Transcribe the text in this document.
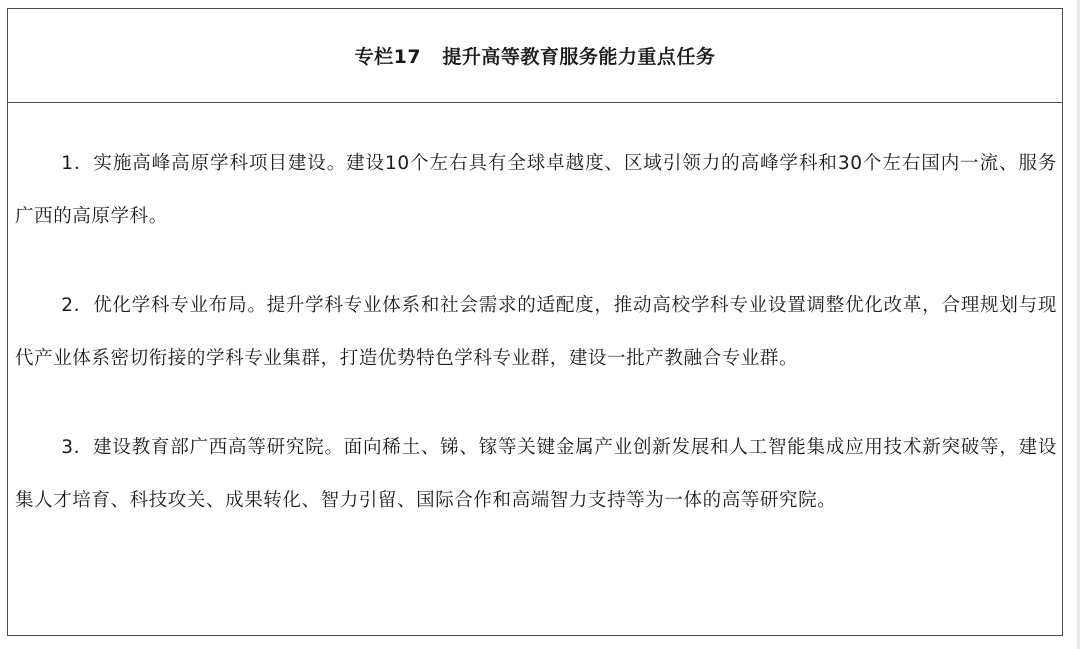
专栏17   提升高等教育服务能力重点任务

1．实施高峰高原学科项目建设。建设10个左右具有全球卓越度、区域引领力的高峰学科和30个左右国内一流、服务广西的高原学科。

2．优化学科专业布局。提升学科专业体系和社会需求的适配度，推动高校学科专业设置调整优化改革，合理规划与现代产业体系密切衔接的学科专业集群，打造优势特色学科专业群，建设一批产教融合专业群。

3．建设教育部广西高等研究院。面向稀土、锑、镓等关键金属产业创新发展和人工智能集成应用技术新突破等，建设集人才培育、科技攻关、成果转化、智力引留、国际合作和高端智力支持等为一体的高等研究院。
